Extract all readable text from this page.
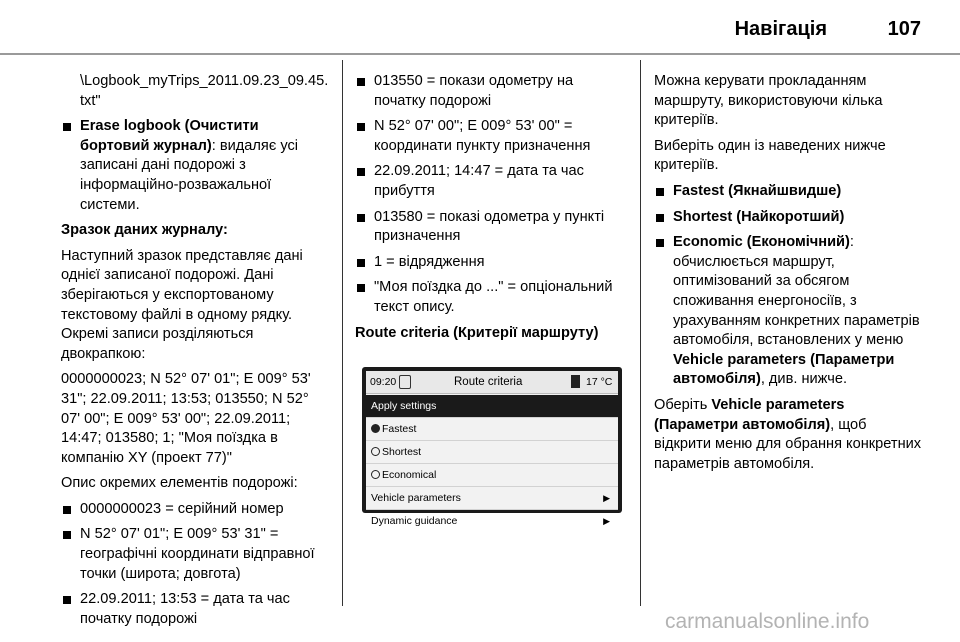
Навігація	107

\Logbook_myTrips_2011.09.23_09.45.txt"

Erase logbook (Очистити бортовий журнал): видаляє усі записані дані подорожі з інформаційно-розважальної системи.

Зразок даних журналу:

Наступний зразок представляє дані однієї записаної подорожі. Дані зберігаються у експортованому текстовому файлі в одному рядку. Окремі записи розділяються двокрапкою:

0000000023; N 52° 07' 01"; E 009° 53' 31"; 22.09.2011; 13:53; 013550; N 52° 07' 00"; E 009° 53' 00"; 22.09.2011; 14:47; 013580; 1; "Моя поїздка в компанію XY (проект 77)"

Опис окремих елементів подорожі:

0000000023 = серійний номер
N 52° 07' 01"; E 009° 53' 31" = географічні координати відправної точки (широта; довгота)
22.09.2011; 13:53 = дата та час початку подорожі
013550 = покази одометру на початку подорожі
N 52° 07' 00"; E 009° 53' 00" = координати пункту призначення
22.09.2011; 14:47 = дата та час прибуття
013580 = показі одометра у пункті призначення
1 = відрядження
"Моя поїздка до ..." = опціональний текст опису.

Route criteria (Критерії маршруту)

09:20	Route criteria	17 °C
Apply settings
Fastest
Shortest
Economical
Vehicle parameters	▶
Dynamic guidance	▶

Можна керувати прокладанням маршруту, використовуючи кілька критеріїв.

Виберіть один із наведених нижче критеріїв.

Fastest (Якнайшвидше)
Shortest (Найкоротший)
Economic (Економічний): обчислюється маршрут, оптимізований за обсягом споживання енергоносіїв, з урахуванням конкретних параметрів автомобіля, встановлених у меню Vehicle parameters (Параметри автомобіля), див. нижче.

Оберіть Vehicle parameters (Параметри автомобіля), щоб відкрити меню для обрання конкретних параметрів автомобіля.

carmanualsonline.info
